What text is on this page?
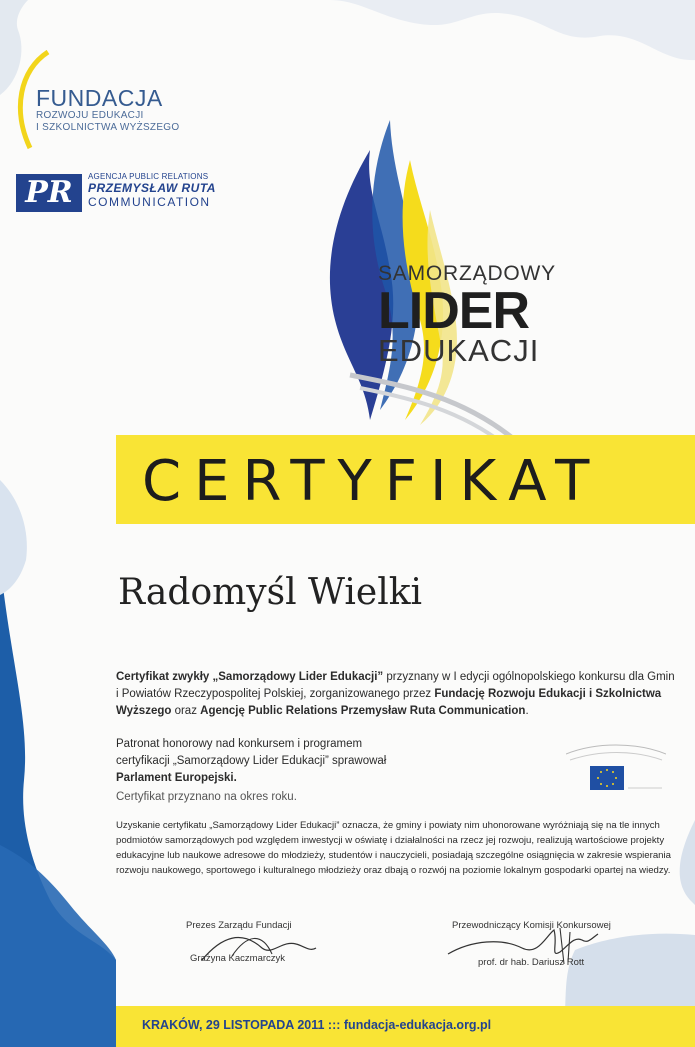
FUNDACJA
ROZWOJU EDUKACJI
I SZKOLNICTWA WYŻSZEGO
PR	AGENCJA PUBLIC RELATIONS
PRZEMYSŁAW RUTA
COMMUNICATION
SAMORZĄDOWY
LIDER
EDUKACJI
CERTYFIKAT
Radomyśl Wielki
Certyfikat zwykły „Samorządowy Lider Edukacji” przyznany w I edycji ogólnopolskiego konkursu dla Gmin i Powiatów Rzeczypospolitej Polskiej, zorganizowanego przez Fundację Rozwoju Edukacji i Szkolnictwa Wyższego oraz Agencję Public Relations Przemysław Ruta Communication.
Patronat honorowy nad konkursem i programem certyfikacji „Samorządowy Lider Edukacji” sprawował Parlament Europejski.
Certyfikat przyznano na okres roku.
Uzyskanie certyfikatu „Samorządowy Lider Edukacji” oznacza, że gminy i powiaty nim uhonorowane wyróżniają się na tle innych podmiotów samorządowych pod względem inwestycji w oświatę i działalności na rzecz jej rozwoju, realizują wartościowe projekty edukacyjne lub naukowe adresowe do młodzieży, studentów i nauczycieli, posiadają szczególne osiągnięcia w zakresie wspierania rozwoju naukowego, sportowego i kulturalnego młodzieży oraz dbają o rozwój na poziomie lokalnym gospodarki opartej na wiedzy.
Prezes Zarządu Fundacji
Grażyna Kaczmarczyk
Przewodniczący Komisji Konkursowej
prof. dr hab. Dariusz Rott
KRAKÓW, 29 LISTOPADA 2011 ::: fundacja-edukacja.org.pl
